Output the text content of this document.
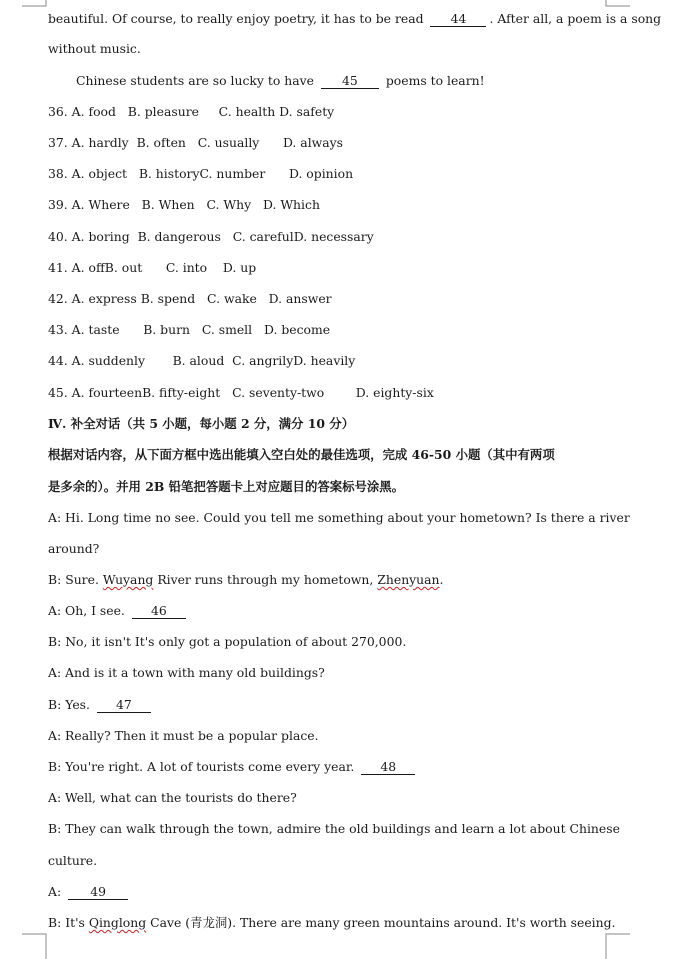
beautiful. Of course, to really enjoy poetry, it has to be read 44 . After all, a poem is a song
without music.
Chinese students are so lucky to have 45 poems to learn!
36. A. food B. pleasure C. health D. safety
37. A. hardly B. often C. usually D. always
38. A. object B. historyC. number D. opinion
39. A. Where B. When C. Why D. Which
40. A. boring B. dangerous C. carefulD. necessary
41. A. offB. out C. into D. up
42. A. express B. spend C. wake D. answer
43. A. taste B. burn C. smell D. become
44. A. suddenly B. aloud C. angrilyD. heavily
45. A. fourteenB. fifty-eight C. seventy-two	D. eighty-six
Ⅳ. 补全对话（共 5 小题，每小题 2 分，满分 10 分）
根据对话内容，从下面方框中选出能填入空白处的最佳选项，完成 46-50 小题（其中有两项
是多余的）。并用 2B 铅笔把答题卡上对应题目的答案标号涂黑。
A: Hi. Long time no see. Could you tell me something about your hometown? Is there a river
around?
B: Sure. Wuyang River runs through my hometown, Zhenyuan.
A: Oh, I see. 46
B: No, it isn't It's only got a population of about 270,000.
A: And is it a town with many old buildings?
B: Yes. 47
A: Really? Then it must be a popular place.
B: You're right. A lot of tourists come every year. 48
A: Well, what can the tourists do there?
B: They can walk through the town, admire the old buildings and learn a lot about Chinese
culture.
A: 49
B: It's Qinglong Cave (青龙洞). There are many green mountains around. It's worth seeing.
